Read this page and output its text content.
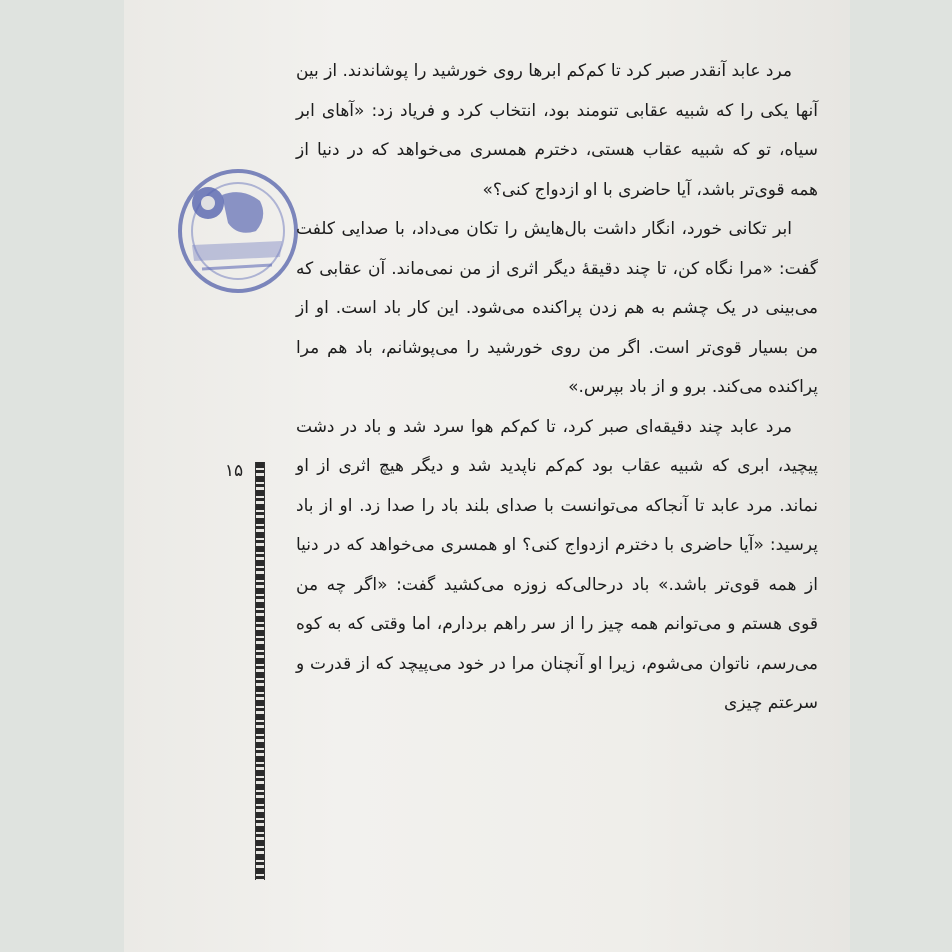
۱۵

مرد عابد آنقدر صبر کرد تا کم‌کم ابرها روی خورشید را پوشاندند. از بین آنها یکی را که شبیه عقابی تنومند بود، انتخاب کرد و فریاد زد: «آهای ابر سیاه، تو که شبیه عقاب هستی، دخترم همسری می‌خواهد که در دنیا از همه قوی‌تر باشد، آیا حاضری با او ازدواج کنی؟»

ابر تکانی خورد، انگار داشت بال‌هایش را تکان می‌داد، با صدایی کلفت گفت: «مرا نگاه کن، تا چند دقیقهٔ دیگر اثری از من نمی‌ماند. آن عقابی که می‌بینی در یک چشم به هم زدن پراکنده می‌شود. این کار باد است. او از من بسیار قوی‌تر است. اگر من روی خورشید را می‌پوشانم، باد هم مرا پراکنده می‌کند. برو و از باد بپرس.»

مرد عابد چند دقیقه‌ای صبر کرد، تا کم‌کم هوا سرد شد و باد در دشت پیچید، ابری که شبیه عقاب بود کم‌کم ناپدید شد و دیگر هیچ اثری از او نماند. مرد عابد تا آنجاکه می‌توانست با صدای بلند باد را صدا زد. او از باد پرسید: «آیا حاضری با دخترم ازدواج کنی؟ او همسری می‌خواهد که در دنیا از همه قوی‌تر باشد.» باد درحالی‌که زوزه می‌کشید گفت: «اگر چه من قوی هستم و می‌توانم همه چیز را از سر راهم بردارم، اما وقتی که به کوه می‌رسم، ناتوان می‌شوم، زیرا او آنچنان مرا در خود می‌پیچد که از قدرت و سرعتم چیزی
